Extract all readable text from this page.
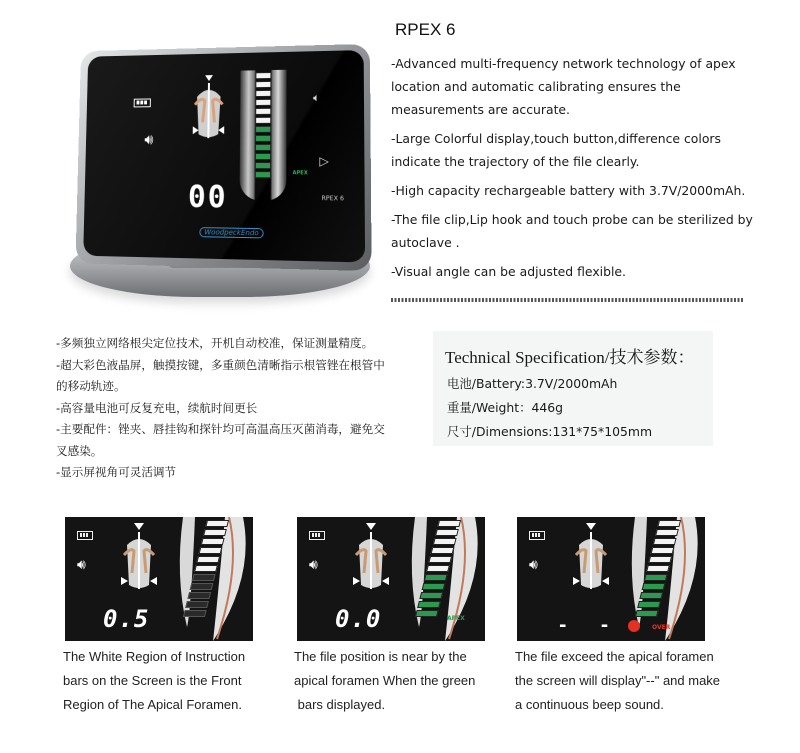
🔊︎
APEX
00
🔈︎
▷
RPEX 6
WoodpeckEndo
RPEX 6

-Advanced multi-frequency network technology of apex location and automatic calibrating ensures the measurements are accurate.

-Large Colorful display,touch button,difference colors indicate the trajectory of the file clearly.

-High capacity rechargeable battery with 3.7V/2000mAh.

-The file clip,Lip hook and touch probe can be sterilized by autoclave .

-Visual angle can be adjusted flexible.

-多频独立网络根尖定位技术，开机自动校准，保证测量精度。

-超大彩色液晶屏，触摸按键，多重颜色清晰指示根管锉在根管中的移动轨迹。

-高容量电池可反复充电，续航时间更长

-主要配件：锉夹、唇挂钩和探针均可高温高压灭菌消毒，避免交叉感染。

-显示屏视角可灵活调节

Technical Specification/技术参数：
电池/Battery:3.7V/2000mAh
重量/Weight：446g
尺寸/Dimensions:131*75*105mm
🔊︎
0.5
The White Region of Instruction
bars on the Screen is the Front
Region of The Apical Foramen.
🔊︎
APEX
0.0
The file position is near by the
apical foramen When the green
bars displayed.
🔊︎
OVER
- -
The file exceed the apical foramen
the screen will display"--" and make
a continuous beep sound.
